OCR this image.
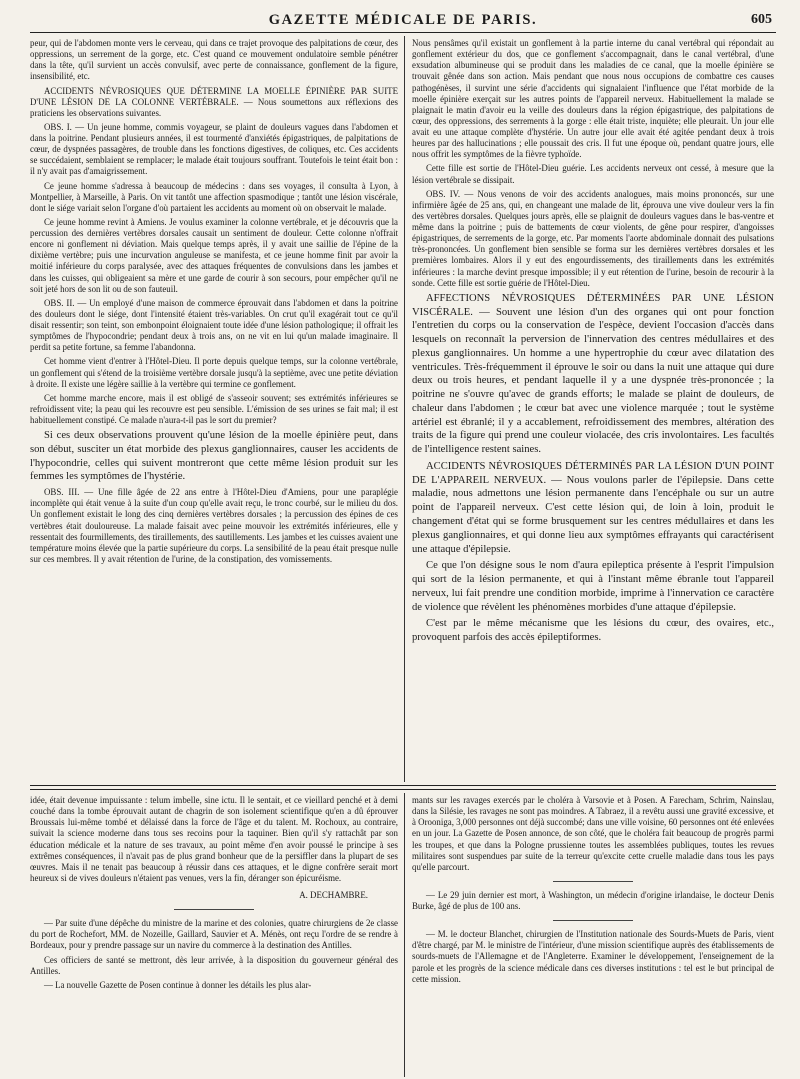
GAZETTE MÉDICALE DE PARIS.	605

peur, qui de l'abdomen monte vers le cerveau, qui dans ce trajet provoque des palpitations de cœur, des oppressions, un serrement de la gorge, etc. C'est quand ce mouvement ondulatoire semble pénétrer dans la tête, qu'il survient un accès convulsif, avec perte de connaissance, gonflement de la figure, insensibilité, etc.

ACCIDENTS NÉVROSIQUES QUE DÉTERMINE LA MOELLE ÉPINIÈRE PAR SUITE D'UNE LÉSION DE LA COLONNE VERTÉBRALE. — Nous soumettons aux réflexions des praticiens les observations suivantes.

OBS. I. — Un jeune homme, commis voyageur, se plaint de douleurs vagues dans l'abdomen et dans la poitrine. Pendant plusieurs années, il est tourmenté d'anxiétés épigastriques, de palpitations de cœur, de dyspnées passagères, de trouble dans les fonctions digestives, de coliques, etc. Ces accidents se succédaient, semblaient se remplacer; le malade était toujours souffrant. Toutefois le teint était bon : il n'y avait pas d'amaigrissement.

Ce jeune homme s'adressa à beaucoup de médecins : dans ses voyages, il consulta à Lyon, à Montpellier, à Marseille, à Paris. On vit tantôt une affection spasmodique ; tantôt une lésion viscérale, dont le siége variait selon l'organe d'où partaient les accidents au moment où on observait le malade.

Ce jeune homme revint à Amiens. Je voulus examiner la colonne vertébrale, et je découvris que la percussion des dernières vertèbres dorsales causait un sentiment de douleur. Cette colonne n'offrait encore ni gonflement ni déviation. Mais quelque temps après, il y avait une saillie de l'épine de la dixième vertèbre; puis une incurvation anguleuse se manifesta, et ce jeune homme finit par avoir la moitié inférieure du corps paralysée, avec des attaques fréquentes de convulsions dans les jambes et dans les cuisses, qui obligeaient sa mère et une garde de courir à son secours, pour empêcher qu'il ne soit jeté hors de son lit ou de son fauteuil.

OBS. II. — Un employé d'une maison de commerce éprouvait dans l'abdomen et dans la poitrine des douleurs dont le siége, dont l'intensité étaient très-variables. On crut qu'il exagérait tout ce qu'il disait ressentir; son teint, son embonpoint éloignaient toute idée d'une lésion pathologique; il offrait les symptômes de l'hypocondrie; pendant deux à trois ans, on ne vit en lui qu'un malade imaginaire. Il perdit sa petite fortune, sa femme l'abandonna.

Cet homme vient d'entrer à l'Hôtel-Dieu. Il porte depuis quelque temps, sur la colonne vertébrale, un gonflement qui s'étend de la troisième vertèbre dorsale jusqu'à la septième, avec une petite déviation à droite. Il existe une légère saillie à la vertèbre qui termine ce gonflement.

Cet homme marche encore, mais il est obligé de s'asseoir souvent; ses extrémités inférieures se refroidissent vite; la peau qui les recouvre est peu sensible. L'émission de ses urines se fait mal; il est habituellement constipé. Ce malade n'aura-t-il pas le sort du premier?

Si ces deux observations prouvent qu'une lésion de la moelle épinière peut, dans son début, susciter un état morbide des plexus ganglionnaires, causer les accidents de l'hypocondrie, celles qui suivent montreront que cette même lésion produit sur les femmes les symptômes de l'hystérie.

OBS. III. — Une fille âgée de 22 ans entre à l'Hôtel-Dieu d'Amiens, pour une paraplégie incomplète qui était venue à la suite d'un coup qu'elle avait reçu, le tronc courbé, sur le milieu du dos. Un gonflement existait le long des cinq dernières vertèbres dorsales ; la percussion des épines de ces vertèbres était douloureuse. La malade faisait avec peine mouvoir les extrémités inférieures, elle y ressentait des fourmillements, des tiraillements, des sautillements. Les jambes et les cuisses avaient une température moins élevée que la partie supérieure du corps. La sensibilité de la peau était presque nulle sur ces membres. Il y avait rétention de l'urine, de la constipation, des vomissements.

Nous pensâmes qu'il existait un gonflement à la partie interne du canal vertébral qui répondait au gonflement extérieur du dos, que ce gonflement s'accompagnait, dans le canal vertébral, d'une exsudation albumineuse qui se produit dans les maladies de ce canal, que la moelle épinière se trouvait gênée dans son action. Mais pendant que nous nous occupions de combattre ces causes pathogénèses, il survint une série d'accidents qui signalaient l'influence que l'état morbide de la moelle épinière exerçait sur les autres points de l'appareil nerveux. Habituellement la malade se plaignait le matin d'avoir eu la veille des douleurs dans la région épigastrique, des palpitations de cœur, des oppressions, des serrements à la gorge : elle était triste, inquiète; elle pleurait. Un jour elle avait eu une attaque complète d'hystérie. Un autre jour elle avait été agitée pendant deux à trois heures par des hallucinations ; elle poussait des cris. Il fut une époque où, pendant quatre jours, elle nous offrit les symptômes de la fièvre typhoïde.

Cette fille est sortie de l'Hôtel-Dieu guérie. Les accidents nerveux ont cessé, à mesure que la lésion vertébrale se dissipait.

OBS. IV. — Nous venons de voir des accidents analogues, mais moins prononcés, sur une infirmière âgée de 25 ans, qui, en changeant une malade de lit, éprouva une vive douleur vers la fin des vertèbres dorsales. Quelques jours après, elle se plaignit de douleurs vagues dans le bas-ventre et même dans la poitrine ; puis de battements de cœur violents, de gêne pour respirer, d'angoisses épigastriques, de serrements de la gorge, etc. Par moments l'aorte abdominale donnait des pulsations très-prononcées. Un gonflement bien sensible se forma sur les dernières vertèbres dorsales et les premières lombaires. Alors il y eut des engourdissements, des tiraillements dans les extrémités inférieures : la marche devint presque impossible; il y eut rétention de l'urine, besoin de recourir à la sonde. Cette fille est sortie guérie de l'Hôtel-Dieu.

AFFECTIONS NÉVROSIQUES DÉTERMINÉES PAR UNE LÉSION VISCÉRALE. — Souvent une lésion d'un des organes qui ont pour fonction l'entretien du corps ou la conservation de l'espèce, devient l'occasion d'accès dans lesquels on reconnaît la perversion de l'innervation des centres médullaires et des plexus ganglionnaires. Un homme a une hypertrophie du cœur avec dilatation des ventricules. Très-fréquemment il éprouve le soir ou dans la nuit une attaque qui dure deux ou trois heures, et pendant laquelle il y a une dyspnée très-prononcée ; la poitrine ne s'ouvre qu'avec de grands efforts; le malade se plaint de douleurs, de chaleur dans l'abdomen ; le cœur bat avec une violence marquée ; tout le système artériel est ébranlé; il y a accablement, refroidissement des membres, altération des traits de la figure qui prend une couleur violacée, des cris involontaires. Les facultés de l'intelligence restent saines.

ACCIDENTS NÉVROSIQUES DÉTERMINÉS PAR LA LÉSION D'UN POINT DE L'APPAREIL NERVEUX. — Nous voulons parler de l'épilepsie. Dans cette maladie, nous admettons une lésion permanente dans l'encéphale ou sur un autre point de l'appareil nerveux. C'est cette lésion qui, de loin à loin, produit le changement d'état qui se forme brusquement sur les centres médullaires et dans les plexus ganglionnaires, et qui donne lieu aux symptômes effrayants qui caractérisent une attaque d'épilepsie.

Ce que l'on désigne sous le nom d'aura epileptica présente à l'esprit l'impulsion qui sort de la lésion permanente, et qui à l'instant même ébranle tout l'appareil nerveux, lui fait prendre une condition morbide, imprime à l'innervation ce caractère de violence que révèlent les phénomènes morbides d'une attaque d'épilepsie.

C'est par le même mécanisme que les lésions du cœur, des ovaires, etc., provoquent parfois des accès épileptiformes.

idée, était devenue impuissante : telum imbelle, sine ictu. Il le sentait, et ce vieillard penché et à demi couché dans la tombe éprouvait autant de chagrin de son isolement scientifique qu'en a dû éprouver Broussais lui-même tombé et délaissé dans la force de l'âge et du talent. M. Rochoux, au contraire, suivait la science moderne dans tous ses recoins pour la taquiner. Bien qu'il s'y rattachât par son éducation médicale et la nature de ses travaux, au point même d'en avoir poussé le principe à ses extrêmes conséquences, il n'avait pas de plus grand bonheur que de la persiffler dans la plupart de ses œuvres. Mais il ne tenait pas beaucoup à réussir dans ces attaques, et le digne confrère serait mort heureux si de vives douleurs n'étaient pas venues, vers la fin, déranger son épicuréisme.

A. DECHAMBRE.

— Par suite d'une dépêche du ministre de la marine et des colonies, quatre chirurgiens de 2e classe du port de Rochefort, MM. de Nozeille, Gaillard, Sauvier et A. Ménès, ont reçu l'ordre de se rendre à Bordeaux, pour y prendre passage sur un navire du commerce à la destination des Antilles.

Ces officiers de santé se mettront, dès leur arrivée, à la disposition du gouverneur général des Antilles.

— La nouvelle Gazette de Posen continue à donner les détails les plus alar-

mants sur les ravages exercés par le choléra à Varsovie et à Posen. A Farecham, Schrim, Nainslau, dans la Silésie, les ravages ne sont pas moindres. A Tabraez, il a revêtu aussi une gravité excessive, et à Orooniga, 3,000 personnes ont déjà succombé; dans une ville voisine, 60 personnes ont été enlevées en un jour. La Gazette de Posen annonce, de son côté, que le choléra fait beaucoup de progrès parmi les troupes, et que dans la Pologne prussienne toutes les assemblées publiques, toutes les revues militaires sont suspendues par suite de la terreur qu'excite cette cruelle maladie dans tous les pays qu'elle parcourt.

— Le 29 juin dernier est mort, à Washington, un médecin d'origine irlandaise, le docteur Denis Burke, âgé de plus de 100 ans.

— M. le docteur Blanchet, chirurgien de l'Institution nationale des Sourds-Muets de Paris, vient d'être chargé, par M. le ministre de l'intérieur, d'une mission scientifique auprès des établissements de sourds-muets de l'Allemagne et de l'Angleterre. Examiner le développement, l'enseignement de la parole et les progrès de la science médicale dans ces diverses institutions : tel est le but principal de cette mission.
